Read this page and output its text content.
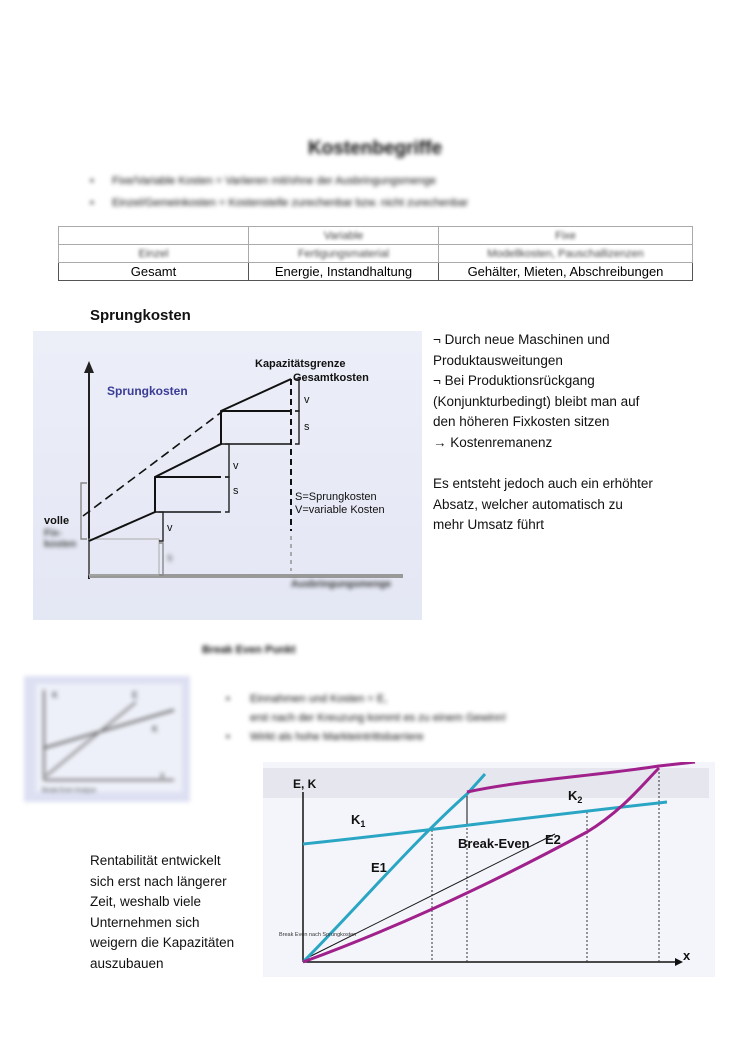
Kostenbegriffe
• Fixe/Variable Kosten = Variieren mit/ohne der Ausbringungsmenge
• Einzel/Gemeinkosten = Kostenstelle zurechenbar bzw. nicht zurechenbar
	Variable	Fixe
Einzel	Fertigungsmaterial	Modellkosten, Pauschallizenzen
Gesamt	Energie, Instandhaltung	Gehälter, Mieten, Abschreibungen
Sprungkosten
Sprungkosten
Kapazitätsgrenze
Gesamtkosten
v
s
v
s
v
s
S=Sprungkosten
V=variable Kosten
volle
Fix-
kosten
Ausbringungsmenge
¬ Durch neue Maschinen und
Produktausweitungen
¬ Bei Produktionsrückgang
(Konjunkturbedingt) bleibt man auf
den höheren Fixkosten sitzen
→ Kostenremanenz
Es entsteht jedoch auch ein erhöhter
Absatz, welcher automatisch zu
mehr Umsatz führt
Break Even Punkt
K	E
K
x
Break-Even Analyse
• Einnahmen und Kosten = E,
erst nach der Kreuzung kommt es zu einem Gewinn!
• Wirkt als hohe Markteintrittsbarriere
E, K
x
$K_1$
$K_2$
E1
E2
Break-Even
Break Even nach Sprungkosten
Rentabilität entwickelt
sich erst nach längerer
Zeit, weshalb viele
Unternehmen sich
weigern die Kapazitäten
auszubauen
